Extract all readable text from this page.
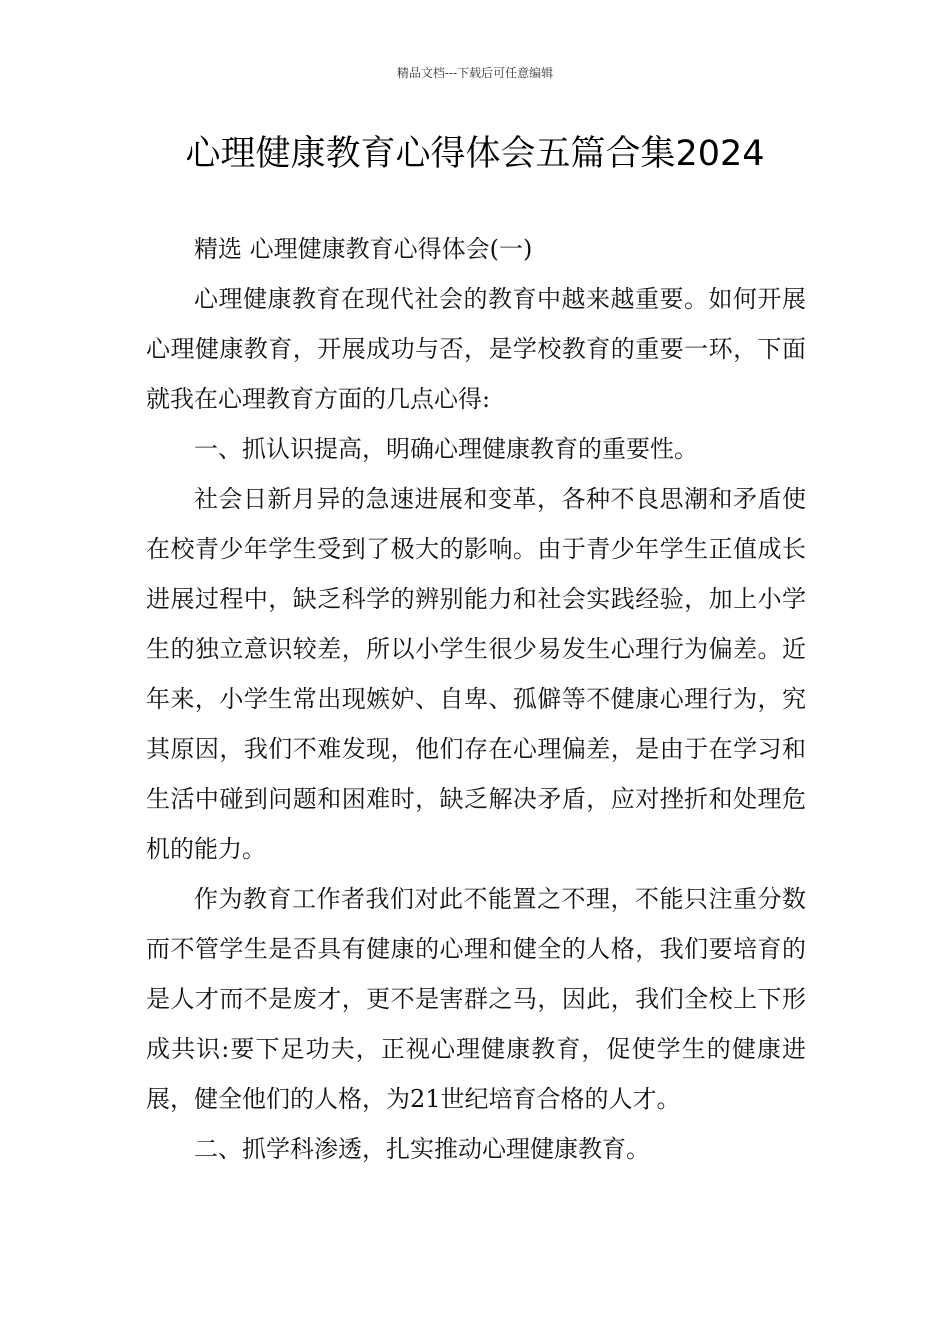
精品文档---下载后可任意编辑
心理健康教育心得体会五篇合集2024

精选 心理健康教育心得体会(一)

心理健康教育在现代社会的教育中越来越重要。如何开展心理健康教育，开展成功与否，是学校教育的重要一环，下面就我在心理教育方面的几点心得:

一、抓认识提高，明确心理健康教育的重要性。

社会日新月异的急速进展和变革，各种不良思潮和矛盾使在校青少年学生受到了极大的影响。由于青少年学生正值成长进展过程中，缺乏科学的辨别能力和社会实践经验，加上小学生的独立意识较差，所以小学生很少易发生心理行为偏差。近年来，小学生常出现嫉妒、自卑、孤僻等不健康心理行为，究其原因，我们不难发现，他们存在心理偏差，是由于在学习和生活中碰到问题和困难时，缺乏解决矛盾，应对挫折和处理危机的能力。

作为教育工作者我们对此不能置之不理，不能只注重分数而不管学生是否具有健康的心理和健全的人格，我们要培育的是人才而不是废才，更不是害群之马，因此，我们全校上下形成共识:要下足功夫，正视心理健康教育，促使学生的健康进展，健全他们的人格，为21世纪培育合格的人才。

二、抓学科渗透，扎实推动心理健康教育。
